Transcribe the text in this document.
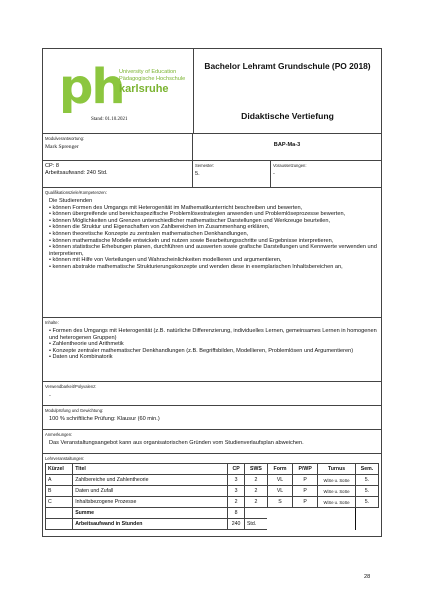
ph
University of Education
Pädagogische Hochschule
karlsruhe
Stand: 01.10.2021
Bachelor Lehramt Grundschule (PO 2018)
Didaktische Vertiefung
Modulverantwortung:
Mark Sprenger	BAP-Ma-3
CP: 8
Arbeitsaufwand: 240 Std.
Semester:
5.
Voraussetzungen:
-
Qualifikationsziele/Kompetenzen:
Die Studierenden
• können Formen des Umgangs mit Heterogenität im Mathematikunterricht beschreiben und bewerten,
• können übergreifende und bereichsspezifische Problemlösestrategien anwenden und Problemlöseprozesse bewerten,
• können Möglichkeiten und Grenzen unterschiedlicher mathematischer Darstellungen und Werkzeuge beurteilen,
• können die Struktur und Eigenschaften von Zahlbereichen im Zusammenhang erklären,
• können theoretische Konzepte zu zentralen mathematischen Denkhandlungen,
• können mathematische Modelle entwickeln und nutzen sowie Bearbeitungsschritte und Ergebnisse interpretieren,
• können statistische Erhebungen planen, durchführen und auswerten sowie grafische Darstellungen und Kennwerte verwenden und interpretieren,
• können mit Hilfe von Verteilungen und Wahrscheinlichkeiten modellieren und argumentieren,
• kennen abstrakte mathematische Strukturierungskonzepte und wenden diese in exemplarischen Inhaltsbereichen an,
Inhalte:
• Formen des Umgangs mit Heterogenität (z.B. natürliche Differenzierung, individuelles Lernen, gemeinsames Lernen in homogenen und heterogenen Gruppen)
• Zahlentheorie und Arithmetik
• Konzepte zentraler mathematischer Denkhandlungen (z.B. Begriffsbilden, Modellieren, Problemlösen und Argumentieren)
• Daten und Kombinatorik
Verwendbarkeit/Polyvalenz:
-
Modulprüfung und Gewichtung:
100 % schriftliche Prüfung: Klausur (60 min.)
Anmerkungen:
Das Veranstaltungsangebot kann aus organisatorischen Gründen vom Studienverlaufsplan abweichen.
Lehrveranstaltungen:
Kürzel	Titel	CP	SWS	Form	P/WP	Turnus	Sem.
A	Zahlbereiche und Zahlentheorie	3	2	VL	P	WiSe u. SoSe	5.
B	Daten und Zufall	3	2	VL	P	WiSe u. SoSe	5.
C	Inhaltsbezogene Prozesse	2	2	S	P	WiSe u. SoSe	5.
	Summe	8					
	Arbeitsaufwand in Stunden	240	Std.				
28
